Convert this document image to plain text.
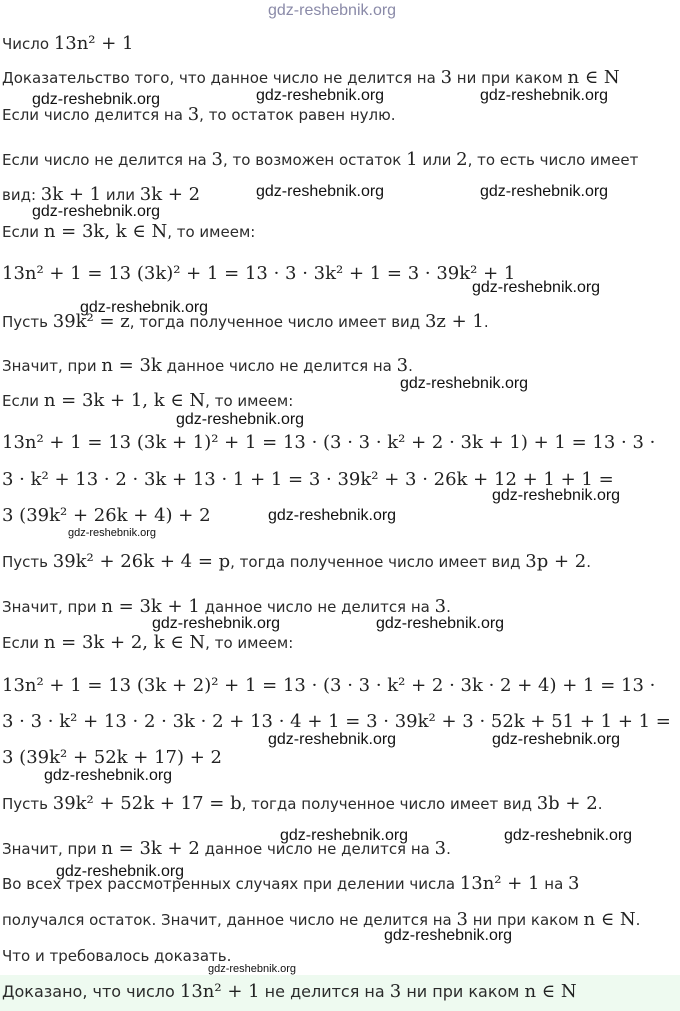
Число 13n² + 1
Доказательство того, что данное число не делится на 3 ни при каком n ∈ N
Если число делится на 3, то остаток равен нулю.
Если число не делится на 3, то возможен остаток 1 или 2, то есть число имеет
вид: 3k + 1 или 3k + 2
Если n = 3k, k ∈ N, то имеем:
13n² + 1 = 13 (3k)² + 1 = 13 · 3 · 3k² + 1 = 3 · 39k² + 1
Пусть 39k² = z, тогда полученное число имеет вид 3z + 1.
Значит, при n = 3k данное число не делится на 3.
Если n = 3k + 1, k ∈ N, то имеем:
13n² + 1 = 13 (3k + 1)² + 1 = 13 · (3 · 3 · k² + 2 · 3k + 1) + 1 = 13 · 3 ·
3 · k² + 13 · 2 · 3k + 13 · 1 + 1 = 3 · 39k² + 3 · 26k + 12 + 1 + 1 =
3 (39k² + 26k + 4) + 2
Пусть 39k² + 26k + 4 = p, тогда полученное число имеет вид 3p + 2.
Значит, при n = 3k + 1 данное число не делится на 3.
Если n = 3k + 2, k ∈ N, то имеем:
13n² + 1 = 13 (3k + 2)² + 1 = 13 · (3 · 3 · k² + 2 · 3k · 2 + 4) + 1 = 13 ·
3 · 3 · k² + 13 · 2 · 3k · 2 + 13 · 4 + 1 = 3 · 39k² + 3 · 52k + 51 + 1 + 1 =
3 (39k² + 52k + 17) + 2
Пусть 39k² + 52k + 17 = b, тогда полученное число имеет вид 3b + 2.
Значит, при n = 3k + 2 данное число не делится на 3.
Во всех трех рассмотренных случаях при делении числа 13n² + 1 на 3
получался остаток. Значит, данное число не делится на 3 ни при каком n ∈ N.
Что и требовалось доказать.
Доказано, что число 13n² + 1 не делится на 3 ни при каком n ∈ N
gdz-reshebnik.org
gdz-reshebnik.org	gdz-reshebnik.org	gdz-reshebnik.org
gdz-reshebnik.org	gdz-reshebnik.org
gdz-reshebnik.org
gdz-reshebnik.org
gdz-reshebnik.org
gdz-reshebnik.org
gdz-reshebnik.org
gdz-reshebnik.org
gdz-reshebnik.org
gdz-reshebnik.org
gdz-reshebnik.org	gdz-reshebnik.org
gdz-reshebnik.org	gdz-reshebnik.org
gdz-reshebnik.org
gdz-reshebnik.org	gdz-reshebnik.org
gdz-reshebnik.org
gdz-reshebnik.org
gdz-reshebnik.org
